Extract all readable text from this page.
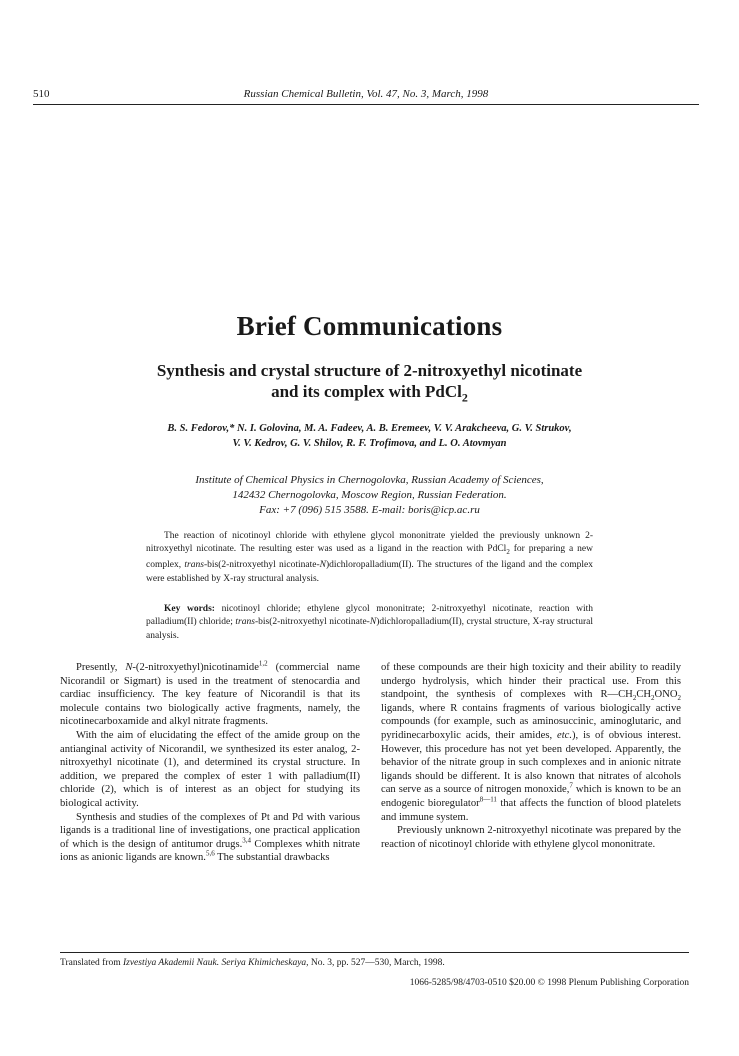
510	Russian Chemical Bulletin, Vol. 47, No. 3, March, 1998
Brief Communications
Synthesis and crystal structure of 2-nitroxyethyl nicotinate
and its complex with PdCl$_2$
B. S. Fedorov,* N. I. Golovina, M. A. Fadeev, A. B. Eremeev, V. V. Arakcheeva, G. V. Strukov,
V. V. Kedrov, G. V. Shilov, R. F. Trofimova, and L. O. Atovmyan
Institute of Chemical Physics in Chernogolovka, Russian Academy of Sciences,
142432 Chernogolovka, Moscow Region, Russian Federation.
Fax: +7 (096) 515 3588. E-mail: boris@icp.ac.ru
The reaction of nicotinoyl chloride with ethylene glycol mononitrate yielded the previously unknown 2-nitroxyethyl nicotinate. The resulting ester was used as a ligand in the reaction with PdCl$_2$ for preparing a new complex, trans-bis(2-nitroxyethyl nicotinate-N)dichloropalladium(II). The structures of the ligand and the complex were established by X-ray structural analysis.
Key words: nicotinoyl chloride; ethylene glycol mononitrate; 2-nitroxyethyl nicotinate, reaction with palladium(II) chloride; trans-bis(2-nitroxyethyl nicotinate-N)dichloropalladium(II), crystal structure, X-ray structural analysis.

Presently, N-(2-nitroxyethyl)nicotinamide$^{1,2}$ (commercial name Nicorandil or Sigmart) is used in the treatment of stenocardia and cardiac insufficiency. The key feature of Nicorandil is that its molecule contains two biologically active fragments, namely, the nicotinecarboxamide and alkyl nitrate fragments.

With the aim of elucidating the effect of the amide group on the antianginal activity of Nicorandil, we synthesized its ester analog, 2-nitroxyethyl nicotinate (1), and determined its crystal structure. In addition, we prepared the complex of ester 1 with palladium(II) chloride (2), which is of interest as an object for studying its biological activity.

Synthesis and studies of the complexes of Pt and Pd with various ligands is a traditional line of investigations, one practical application of which is the design of antitumor drugs.$^{3,4}$ Complexes whith nitrate ions as anionic ligands are known.$^{5,6}$ The substantial drawbacks

of these compounds are their high toxicity and their ability to readily undergo hydrolysis, which hinder their practical use. From this standpoint, the synthesis of complexes with $R—CH_2CH_2ONO_2$ ligands, where R contains fragments of various biologically active compounds (for example, such as aminosuccinic, aminoglutaric, and pyridinecarboxylic acids, their amides, etc.), is of obvious interest. However, this procedure has not yet been developed. Apparently, the behavior of the nitrate group in such complexes and in anionic nitrate ligands should be different. It is also known that nitrates of alcohols can serve as a source of nitrogen monoxide,$^7$ which is known to be an endogenic bioregulator$^{8—11}$ that affects the function of blood platelets and immune system.

Previously unknown 2-nitroxyethyl nicotinate was prepared by the reaction of nicotinoyl chloride with ethylene glycol mononitrate.

Translated from Izvestiya Akademii Nauk. Seriya Khimicheskaya, No. 3, pp. 527—530, March, 1998.
1066-5285/98/4703-0510 $20.00 © 1998 Plenum Publishing Corporation
